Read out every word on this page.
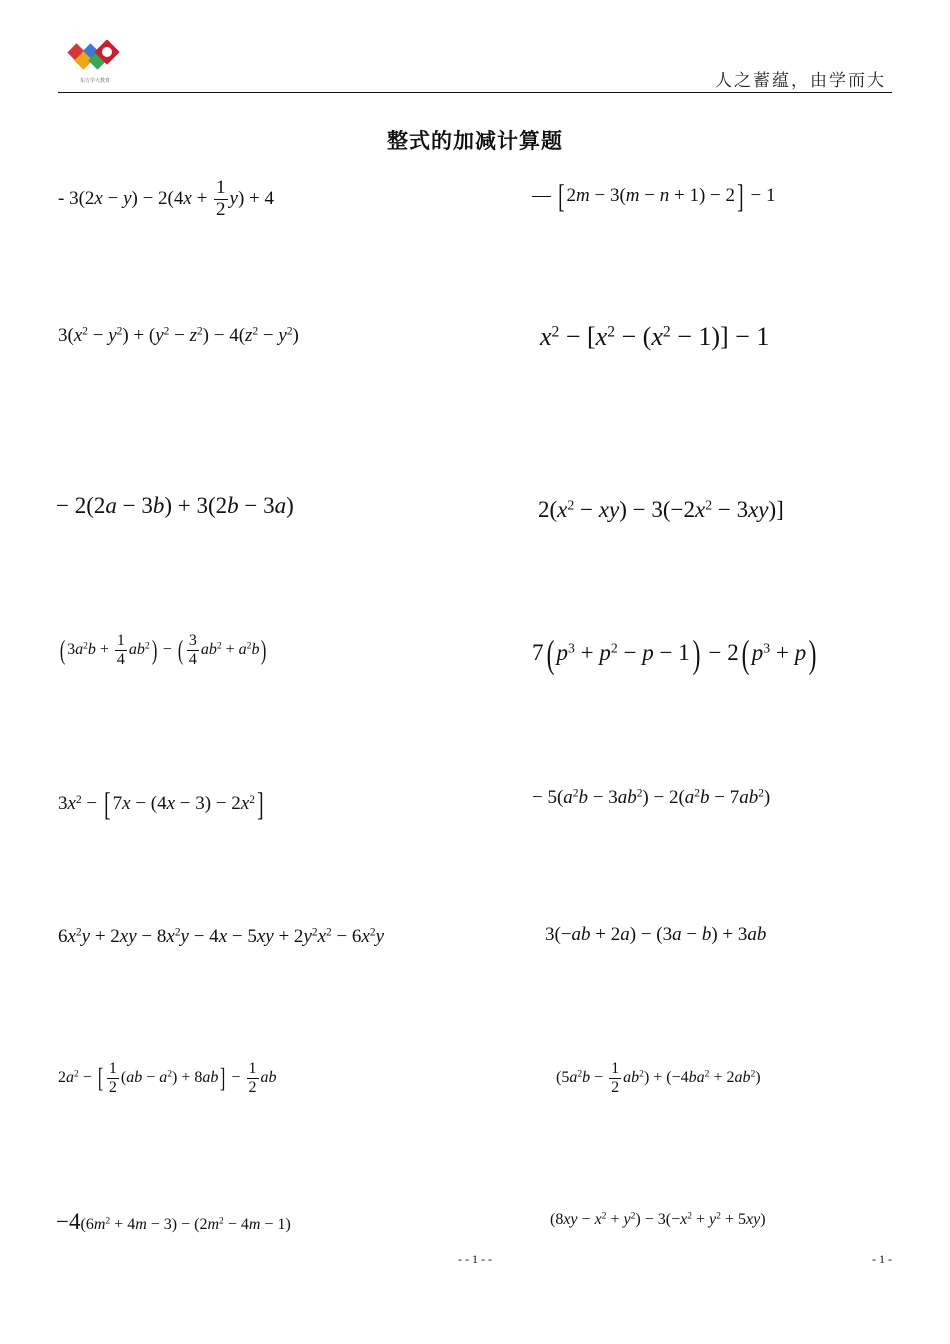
东方学大教育	人之蓄蕴，由学而大
整式的加减计算题
- $3(2x - y) - 2(4x + \frac{1}{2} y) + 4$	— [ 2m − 3(m − n + 1) − 2] − 1
$3(x^2 - y^2) + (y^2 - z^2) - 4(z^2 - y^2)$	$x^2 - [x^2 - (x^2 - 1)] - 1$
− 2(2a − 3b) + 3(2b − 3a)	$2(x^2 - xy) - 3(-2x^2 - 3xy)$]
( $3a^2b + \frac{1}{4} ab^2$) − ( $\frac{3}{4} ab^2 + a^2b$)	7( $p^3 + p^2 - p - 1) - 2$( $p^3 + p$)
$3x^2$ − [ $7x - (4x - 3) - 2x^2$]	− $5(a^2b - 3ab^2) - 2(a^2b - 7ab^2)$
$6x^2y + 2xy - 8x^2y - 4x - 5xy + 2y^2x^2 - 6x^2y$	3(−ab + 2a) − (3a − b) + 3ab
$2a^2$ − [ $\frac{1}{2} (ab - a^2) + 8ab] - \frac{1}{2}$ ab	$(5a^2b - \frac{1}{2} ab^2) + (-4ba^2 + 2ab^2)$
$-4(6m^2 + 4m - 3) - (2m^2 - 4m - 1)$	$(8xy - x^2 + y^2) - 3(-x^2 + y^2 + 5xy)$
- - 1 - -	- 1 -
